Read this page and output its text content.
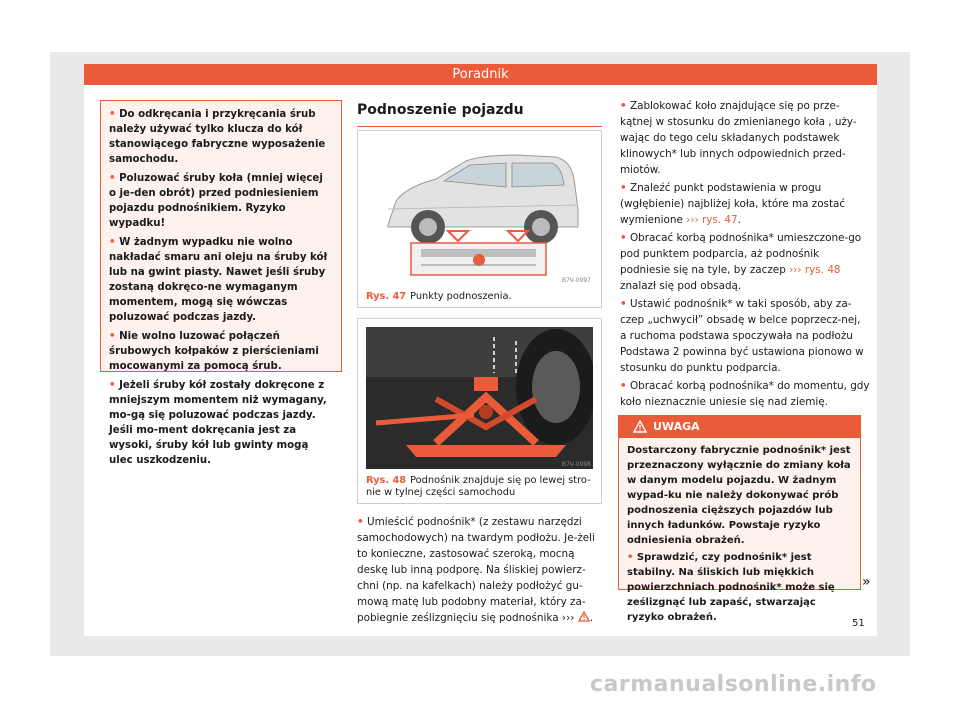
Poradnik

• Do odkręcania i przykręcania śrub należy używać tylko klucza do kół stanowiącego fabryczne wyposażenie samochodu.

• Poluzować śruby koła (mniej więcej o je-den obrót) przed podniesieniem pojazdu podnośnikiem. Ryzyko wypadku!

• W żadnym wypadku nie wolno nakładać smaru ani oleju na śruby kół lub na gwint piasty. Nawet jeśli śruby zostaną dokręco-ne wymaganym momentem, mogą się wówczas poluzować podczas jazdy.

• Nie wolno luzować połączeń śrubowych kołpaków z pierścieniami mocowanymi za pomocą śrub.

• Jeżeli śruby kół zostały dokręcone z mniejszym momentem niż wymagany, mo-gą się poluzować podczas jazdy. Jeśli mo-ment dokręcania jest za wysoki, śruby kół lub gwinty mogą ulec uszkodzeniu.

Podnoszenie pojazdu
B7V-0997
Rys. 47 Punkty podnoszenia.
B7V-0998
Rys. 48 Podnośnik znajduje się po lewej stro-nie w tylnej części samochodu

• Umieścić podnośnik* (z zestawu narzędzi samochodowych) na twardym podłożu. Je-żeli to konieczne, zastosować szeroką, mocną deskę lub inną podporę. Na śliskiej powierz-chni (np. na kafelkach) należy podłożyć gu-mową matę lub podobny materiał, który za-pobiegnie ześlizgnięciu się podnośnika ››› .

• Zablokować koło znajdujące się po prze-kątnej w stosunku do zmienianego koła , uży-wając do tego celu składanych podstawek klinowych* lub innych odpowiednich przed-miotów.

• Znaleźć punkt podstawienia w progu (wgłębienie) najbliżej koła, które ma zostać wymienione ››› rys. 47.

• Obracać korbą podnośnika* umieszczone-go pod punktem podparcia, aż podnośnik podniesie się na tyle, by zaczep ››› rys. 48 znalazł się pod obsadą.

• Ustawić podnośnik* w taki sposób, aby za-czep „uchwycił” obsadę w belce poprzecz-nej, a ruchoma podstawa spoczywała na podłożu Podstawa 2 powinna być ustawiona pionowo w stosunku do punktu podparcia.

• Obracać korbą podnośnika* do momentu, gdy koło nieznacznie uniesie się nad ziemię.

UWAGA

Dostarczony fabrycznie podnośnik* jest przeznaczony wyłącznie do zmiany koła w danym modelu pojazdu. W żadnym wypad-ku nie należy dokonywać prób podnoszenia cięższych pojazdów lub innych ładunków. Powstaje ryzyko odniesienia obrażeń.

• Sprawdzić, czy podnośnik* jest stabilny. Na śliskich lub miękkich powierzchniach podnośnik* może się ześlizgnąć lub zapaść, stwarzając ryzyko obrażeń.

»
51
carmanualsonline.info
